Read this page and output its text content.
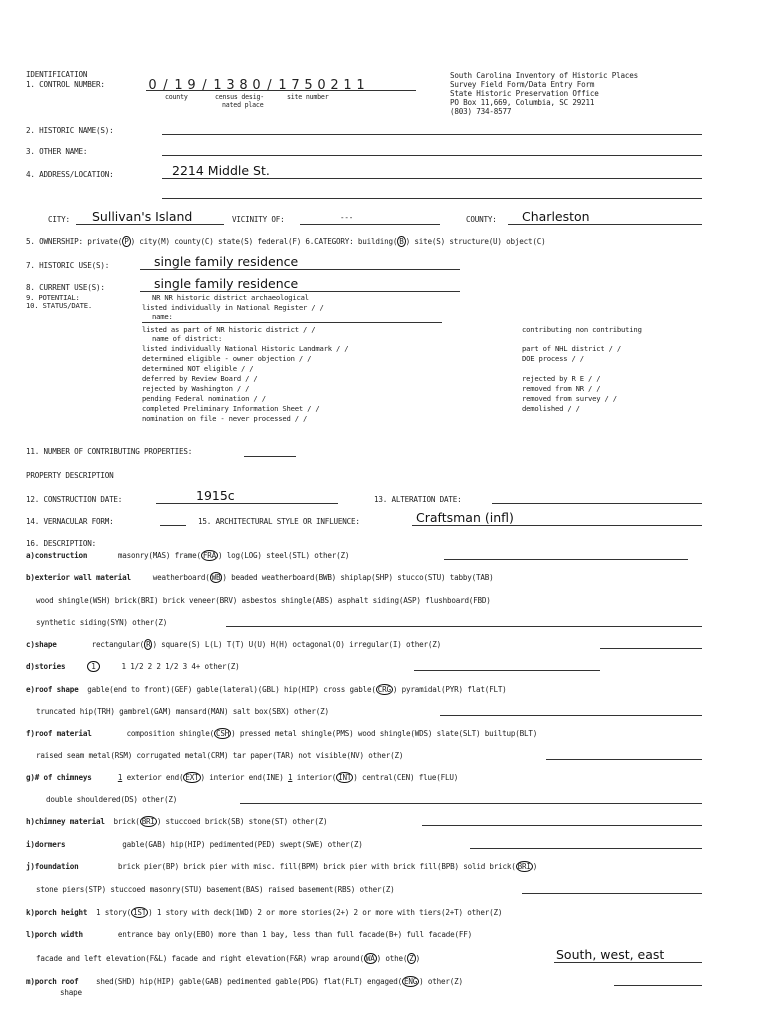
IDENTIFICATION
1. CONTROL NUMBER:	0 / 1 9 / 1 3 8 0 / 1 7 5 0 2 1 1
county	census desig-
nated place
site number
South Carolina Inventory of Historic Places
Survey Field Form/Data Entry Form
State Historic Preservation Office
PO Box 11,669, Columbia, SC 29211
(803) 734-8577
2. HISTORIC NAME(S):
3. OTHER NAME:
4. ADDRESS/LOCATION:	2214 Middle St.
CITY: Sullivan's Island	VICINITY OF:	---	COUNTY: Charleston
5. OWNERSHIP: private( P ) city(M) county(C) state(S) federal(F) 6.CATEGORY: building( B ) site(S) structure(U) object(C)
7. HISTORIC USE(S):	single family residence
8. CURRENT USE(S):	single family residence
9. POTENTIAL:
10. STATUS/DATE.
NR NR historic district archaeological
listed individually in National Register / /
name:
listed as part of NR historic district / /
name of district:
listed individually National Historic Landmark / /
determined eligible - owner objection / /
determined NOT eligible / /
deferred by Review Board / /
rejected by Washington / /
pending Federal nomination / /
completed Preliminary Information Sheet / /
nomination on file - never processed / /
contributing non contributing
part of NHL district / /
DOE process / /
rejected by R E / /
removed from NR / /
removed from survey / /
demolished / /
11. NUMBER OF CONTRIBUTING PROPERTIES:
PROPERTY DESCRIPTION
12. CONSTRUCTION DATE:	1915c	13. ALTERATION DATE:
14. VERNACULAR FORM:	15. ARCHITECTURAL STYLE OR INFLUENCE:	Craftsman (infl)
16. DESCRIPTION:
a)construction	masonry(MAS) frame( FRA ) log(LOG) steel(STL) other(Z)
b)exterior wall material	weatherboard( WB ) beaded weatherboard(BWB) shiplap(SHP) stucco(STU) tabby(TAB)
wood shingle(WSH) brick(BRI) brick veneer(BRV) asbestos shingle(ABS) asphalt siding(ASP) flushboard(FBD)
synthetic siding(SYN) other(Z)
c)shape	rectangular( R ) square(S) L(L) T(T) U(U) H(H) octagonal(O) irregular(I) other(Z)
d)stories	1	1 1/2 2 2 1/2 3 4+ other(Z)
e)roof shape gable(end to front)(GEF) gable(lateral)(GBL) hip(HIP) cross gable( CRG ) pyramidal(PYR) flat(FLT)
truncated hip(TRH) gambrel(GAM) mansard(MAN) salt box(SBX) other(Z)
f)roof material	composition shingle( CSH ) pressed metal shingle(PMS) wood shingle(WDS) slate(SLT) builtup(BLT)
raised seam metal(RSM) corrugated metal(CRM) tar paper(TAR) not visible(NV) other(Z)
g)# of chimneys	1 exterior end( EXT ) interior end(INE) 1 interior( INT ) central(CEN) flue(FLU)
double shouldered(DS) other(Z)
h)chimney material brick( BRI ) stuccoed brick(SB) stone(ST) other(Z)
i)dormers	gable(GAB) hip(HIP) pedimented(PED) swept(SWE) other(Z)
j)foundation	brick pier(BP) brick pier with misc. fill(BPM) brick pier with brick fill(BPB) solid brick( BRI )
stone piers(STP) stuccoed masonry(STU) basement(BAS) raised basement(RBS) other(Z)
k)porch height 1 story( 1ST ) 1 story with deck(1WD) 2 or more stories(2+) 2 or more with tiers(2+T) other(Z)
l)porch width	entrance bay only(EBO) more than 1 bay, less than full facade(B+) full facade(FF)
facade and left elevation(F&L) facade and right elevation(F&R) wrap around( WA ) othe( Z )	South, west, east
m)porch roof shed(SHD) hip(HIP) gable(GAB) pedimented gable(PDG) flat(FLT) engaged( ENG ) other(Z)
shape
